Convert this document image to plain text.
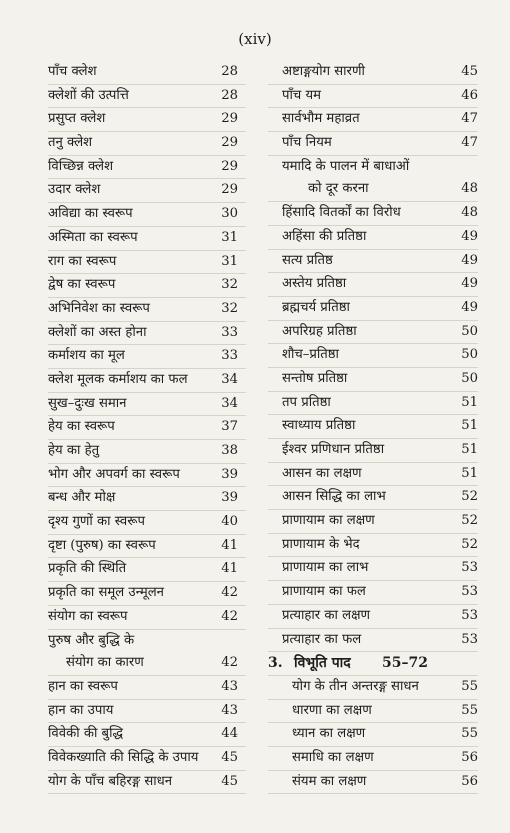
(xiv)
पाँच क्लेश	28
क्लेशों की उत्पत्ति	28
प्रसुप्त क्लेश	29
तनु क्लेश	29
विच्छिन्न क्लेश	29
उदार क्लेश	29
अविद्या का स्वरूप	30
अस्मिता का स्वरूप	31
राग का स्वरूप	31
द्वेष का स्वरूप	32
अभिनिवेश का स्वरूप	32
क्लेशों का अस्त होना	33
कर्माशय का मूल	33
क्लेश मूलक कर्माशय का फल	34
सुख–दुःख समान	34
हेय का स्वरूप	37
हेय का हेतु	38
भोग और अपवर्ग का स्वरूप	39
बन्ध और मोक्ष	39
दृश्य गुणों का स्वरूप	40
दृष्टा (पुरुष) का स्वरूप	41
प्रकृति की स्थिति	41
प्रकृति का समूल उन्मूलन	42
संयोग का स्वरूप	42
पुरुष और बुद्धि के
संयोग का कारण	42
हान का स्वरूप	43
हान का उपाय	43
विवेकी की बुद्धि	44
विवेकख्याति की सिद्धि के उपाय 45
योग के पाँच बहिरङ्ग साधन	45
अष्टाङ्गयोग सारणी	45
पाँच यम	46
सार्वभौम महाव्रत	47
पाँच नियम	47
यमादि के पालन में बाधाओं
को दूर करना	48
हिंसादि वितर्कों का विरोध	48
अहिंसा की प्रतिष्ठा	49
सत्य प्रतिष्ठ	49
अस्तेय प्रतिष्ठा	49
ब्रह्मचर्य प्रतिष्ठा	49
अपरिग्रह प्रतिष्ठा	50
शौच–प्रतिष्ठा	50
सन्तोष प्रतिष्ठा	50
तप प्रतिष्ठा	51
स्वाध्याय प्रतिष्ठा	51
ईश्वर प्रणिधान प्रतिष्ठा	51
आसन का लक्षण	51
आसन सिद्धि का लाभ	52
प्राणायाम का लक्षण	52
प्राणायाम के भेद	52
प्राणायाम का लाभ	53
प्राणायाम का फल	53
प्रत्याहार का लक्षण	53
प्रत्याहार का फल	53
3. विभूति पाद 55–72
योग के तीन अन्तरङ्ग साधन	55
धारणा का लक्षण	55
ध्यान का लक्षण	55
समाधि का लक्षण	56
संयम का लक्षण	56
